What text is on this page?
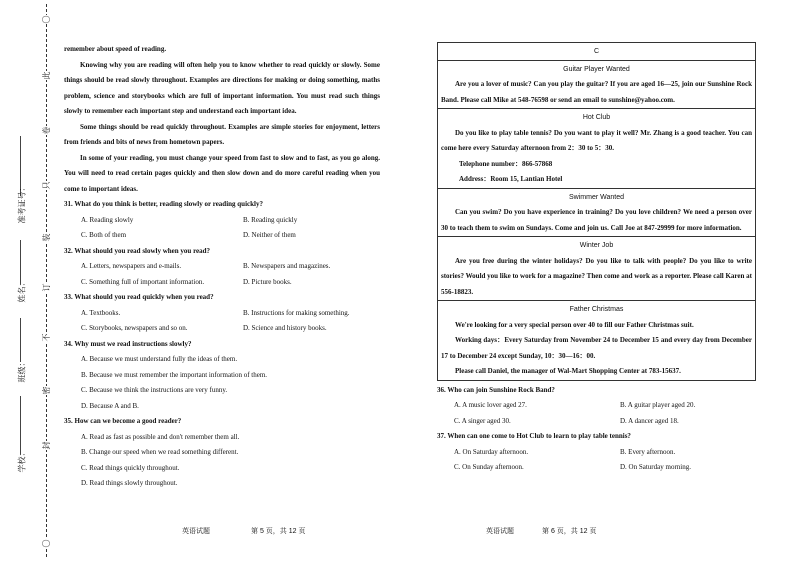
学校：
班级：
姓名：
准考证号：
〇
此
卷
只
装
订
不
密
封
〇

remember about speed of reading.

Knowing why you are reading will often help you to know whether to read quickly or slowly. Some things should be read slowly throughout. Examples are directions for making or doing something, maths problem, science and storybooks which are full of important information. You must read such things slowly to remember each important step and understand each important idea.

Some things should be read quickly throughout. Examples are simple stories for enjoyment, letters from friends and bits of news from hometown papers.

In some of your reading, you must change your speed from fast to slow and to fast, as you go along. You will need to read certain pages quickly and then slow down and do more careful reading when you come to important ideas.

31. What do you think is better, reading slowly or reading quickly?

A. Reading slowly	B. Reading quickly
C. Both of them	D. Neither of them

32. What should you read slowly when you read?

A. Letters, newspapers and e-mails.	B. Newspapers and magazines.
C. Something full of important information.	D. Picture books.

33. What should you read quickly when you read?

A. Textbooks.	B. Instructions for making something.
C. Storybooks, newspapers and so on.	D. Science and history books.

34. Why must we read instructions slowly?

A. Because we must understand fully the ideas of them.
B. Because we must remember the important information of them.
C. Because we think the instructions are very funny.
D. Because A and B.

35. How can we become a good reader?

A. Read as fast as possible and don't remember them all.
B. Change our speed when we read something different.
C. Read things quickly throughout.
D. Read things slowly throughout.
C
Guitar Player Wanted

Are you a lover of music? Can you play the guitar? If you are aged 16—25, join our Sunshine Rock Band. Please call Mike at 548-76598 or send an email to sunshine@yahoo.com.

Hot Club

Do you like to play table tennis? Do you want to play it well? Mr. Zhang is a good teacher. You can come here every Saturday afternoon from 2：30 to 5：30.

Telephone number：866-57868

Address：Room 15, Lantian Hotel

Swimmer Wanted

Can you swim? Do you have experience in training? Do you love children? We need a person over 30 to teach them to swim on Sundays. Come and join us. Call Joe at 847-29999 for more information.

Winter Job

Are you free during the winter holidays? Do you like to talk with people? Do you like to write stories? Would you like to work for a magazine? Then come and work as a reporter. Please call Karen at 556-18823.

Father Christmas

We're looking for a very special person over 40 to fill our Father Christmas suit.

Working days：Every Saturday from November 24 to December 15 and every day from December 17 to December 24 except Sunday, 10：30—16：00.

Please call Daniel, the manager of Wal-Mart Shopping Center at 783-15637.

36. Who can join Sunshine Rock Band?

A. A music lover aged 27.	B. A guitar player aged 20.
C. A singer aged 30.	D. A dancer aged 18.

37. When can one come to Hot Club to learn to play table tennis?

A. On Saturday afternoon.	B. Every afternoon.
C. On Sunday afternoon.	D. On Saturday morning.
英语试题	第 5 页，共 12 页	英语试题	第 6 页，共 12 页
